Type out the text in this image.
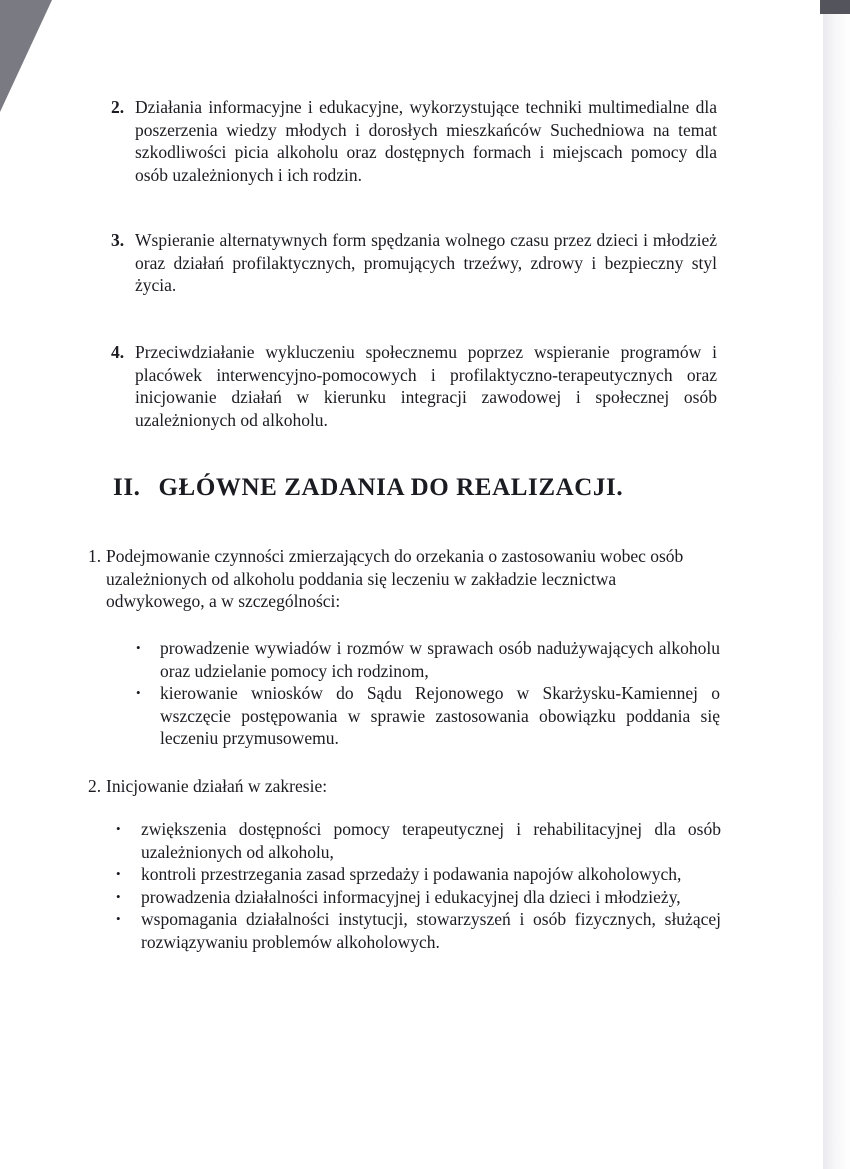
2. Działania informacyjne i edukacyjne, wykorzystujące techniki multimedialne dla poszerzenia wiedzy młodych i dorosłych mieszkańców Suchedniowa na temat szkodliwości picia alkoholu oraz dostępnych formach i miejscach pomocy dla osób uzależnionych i ich rodzin.
3. Wspieranie alternatywnych form spędzania wolnego czasu przez dzieci i młodzież oraz działań profilaktycznych, promujących trzeźwy, zdrowy i bezpieczny styl życia.
4. Przeciwdziałanie wykluczeniu społecznemu poprzez wspieranie programów i placówek interwencyjno-pomocowych i profilaktyczno-terapeutycznych oraz inicjowanie działań w kierunku integracji zawodowej i społecznej osób uzależnionych od alkoholu.
II. GŁÓWNE ZADANIA DO REALIZACJI.
1. Podejmowanie czynności zmierzających do orzekania o zastosowaniu wobec osób uzależnionych od alkoholu poddania się leczeniu w zakładzie lecznictwa odwykowego, a w szczególności:
• prowadzenie wywiadów i rozmów w sprawach osób nadużywających alkoholu oraz udzielanie pomocy ich rodzinom,
• kierowanie wniosków do Sądu Rejonowego w Skarżysku-Kamiennej o wszczęcie postępowania w sprawie zastosowania obowiązku poddania się leczeniu przymusowemu.
2. Inicjowanie działań w zakresie:
• zwiększenia dostępności pomocy terapeutycznej i rehabilitacyjnej dla osób uzależnionych od alkoholu,
• kontroli przestrzegania zasad sprzedaży i podawania napojów alkoholowych,
• prowadzenia działalności informacyjnej i edukacyjnej dla dzieci i młodzieży,
• wspomagania działalności instytucji, stowarzyszeń i osób fizycznych, służącej rozwiązywaniu problemów alkoholowych.
